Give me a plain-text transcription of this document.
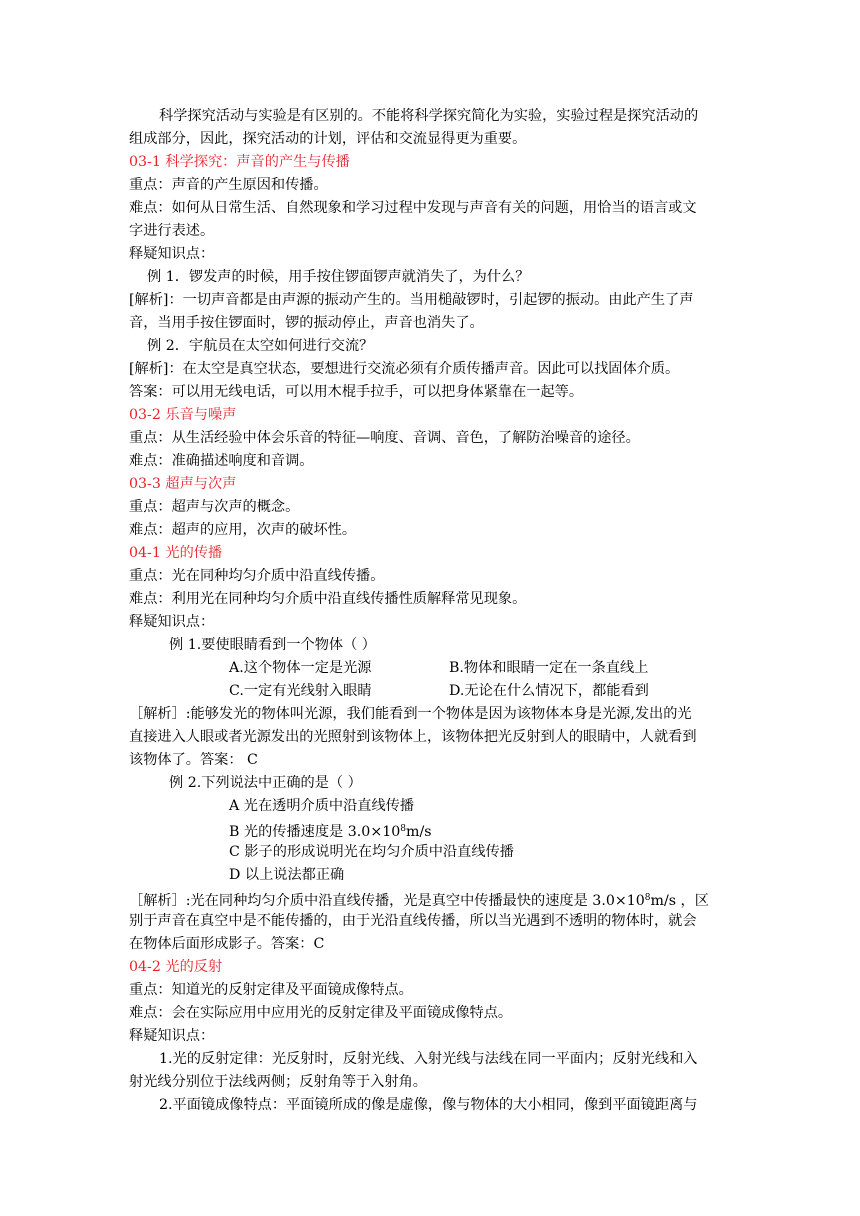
科学探究活动与实验是有区别的。不能将科学探究简化为实验，实验过程是探究活动的
组成部分，因此，探究活动的计划，评估和交流显得更为重要。
03-1 科学探究：声音的产生与传播
重点：声音的产生原因和传播。
难点：如何从日常生活、自然现象和学习过程中发现与声音有关的问题，用恰当的语言或文
字进行表述。
释疑知识点：
例 1．锣发声的时候，用手按住锣面锣声就消失了，为什么？
[解析]：一切声音都是由声源的振动产生的。当用槌敲锣时，引起锣的振动。由此产生了声
音，当用手按住锣面时，锣的振动停止，声音也消失了。
例 2．宇航员在太空如何进行交流？
[解析]：在太空是真空状态，要想进行交流必须有介质传播声音。因此可以找固体介质。
答案：可以用无线电话，可以用木棍手拉手，可以把身体紧靠在一起等。
03-2 乐音与噪声
重点：从生活经验中体会乐音的特征—响度、音调、音色，了解防治噪音的途径。
难点：准确描述响度和音调。
03-3 超声与次声
重点：超声与次声的概念。
难点：超声的应用，次声的破坏性。
04-1 光的传播
重点：光在同种均匀介质中沿直线传播。
难点：利用光在同种均匀介质中沿直线传播性质解释常见现象。
释疑知识点：
例 1.要使眼睛看到一个物体（ ）
A.这个物体一定是光源	B.物体和眼睛一定在一条直线上
C.一定有光线射入眼睛	D.无论在什么情况下，都能看到
［解析］:能够发光的物体叫光源，我们能看到一个物体是因为该物体本身是光源,发出的光
直接进入人眼或者光源发出的光照射到该物体上，该物体把光反射到人的眼睛中，人就看到
该物体了。答案： C
例 2.下列说法中正确的是（ ）
A 光在透明介质中沿直线传播
B 光的传播速度是 $3.0\times 10^8m/s$
C 影子的形成说明光在均匀介质中沿直线传播
D 以上说法都正确
［解析］:光在同种均匀介质中沿直线传播，光是真空中传播最快的速度是 $3.0\times 10^8m/s$ ，区
别于声音在真空中是不能传播的，由于光沿直线传播，所以当光遇到不透明的物体时，就会
在物体后面形成影子。答案：C
04-2 光的反射
重点：知道光的反射定律及平面镜成像特点。
难点：会在实际应用中应用光的反射定律及平面镜成像特点。
释疑知识点：
1.光的反射定律：光反射时，反射光线、入射光线与法线在同一平面内；反射光线和入
射光线分别位于法线两侧；反射角等于入射角。
2.平面镜成像特点：平面镜所成的像是虚像，像与物体的大小相同，像到平面镜距离与
